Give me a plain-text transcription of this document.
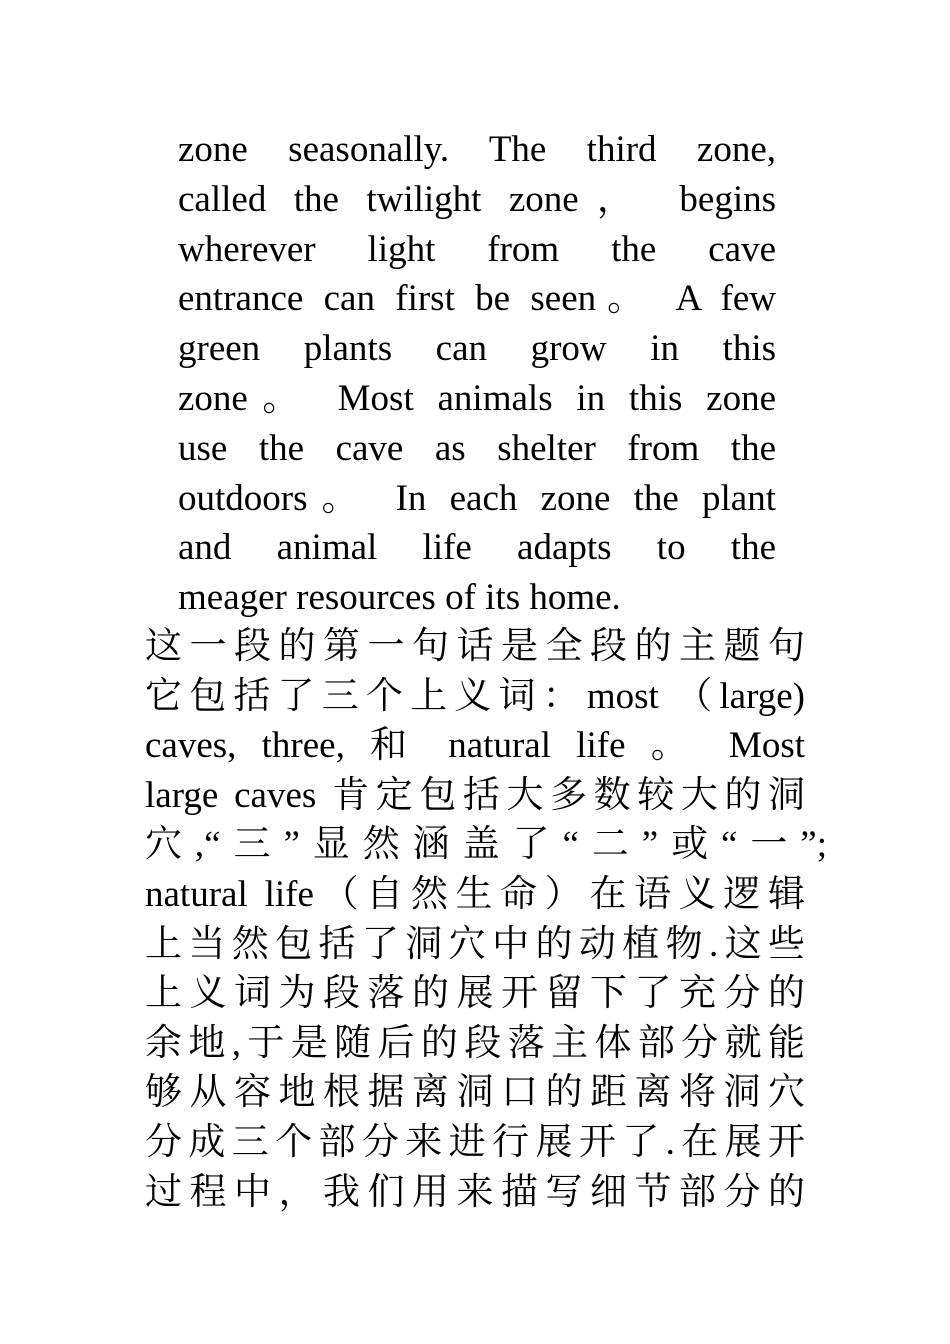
zone seasonally. The third zone,
called the twilight zone， begins
wherever light from the cave
entrance can first be seen。 A few
green plants can grow in this
zone。 Most animals in this zone
use the cave as shelter from the
outdoors。 In each zone the plant
and animal life adapts to the
meager resources of its home.
这一段的第一句话是全段的主题句
它包括了三个上义词：most （large)
caves, three, 和 natural life 。 Most
large caves 肯定包括大多数较大的洞
穴,“三”显然涵盖了“二”或“一”;
natural life（自然生命）在语义逻辑
上当然包括了洞穴中的动植物.这些
上义词为段落的展开留下了充分的
余地,于是随后的段落主体部分就能
够从容地根据离洞口的距离将洞穴
分成三个部分来进行展开了.在展开
过程中，我们用来描写细节部分的
